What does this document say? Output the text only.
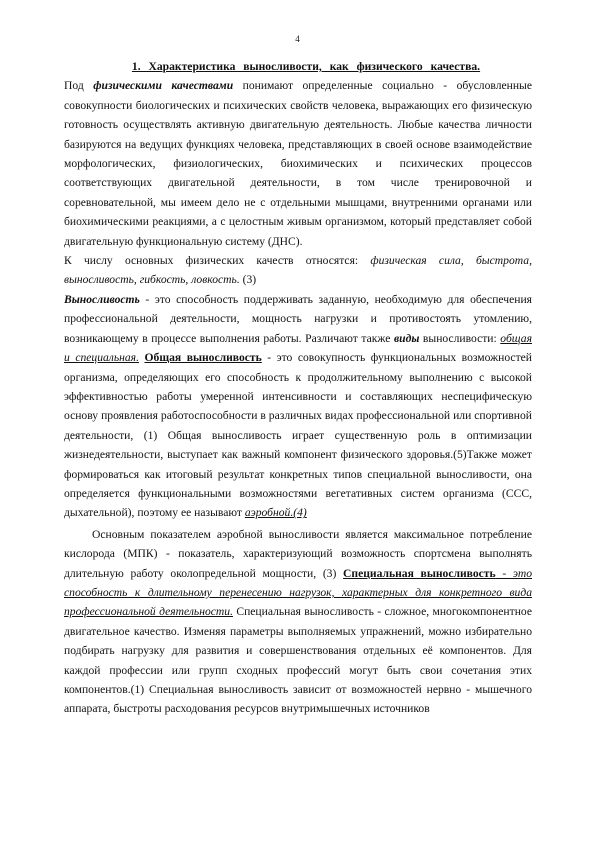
4
1. Характеристика выносливости, как физического качества.

Под физическими качествами понимают определенные социально - обусловленные совокупности биологических и психических свойств человека, выражающих его физическую готовность осуществлять активную двигательную деятельность. Любые качества личности базируются на ведущих функциях человека, представляющих в своей основе взаимодействие морфологических, физиологических, биохимических и психических процессов соответствующих двигательной деятельности, в том числе тренировочной и соревновательной, мы имеем дело не с отдельными мышцами, внутренними органами или биохимическими реакциями, а с целостным живым организмом, который представляет собой двигательную функциональную систему (ДНС).

К числу основных физических качеств относятся: физическая сила, быстрота, выносливость, гибкость, ловкость. (3)

Выносливость - это способность поддерживать заданную, необходимую для обеспечения профессиональной деятельности, мощность нагрузки и противостоять утомлению, возникающему в процессе выполнения работы. Различают также виды выносливости: общая и специальная. Общая выносливость - это совокупность функциональных возможностей организма, определяющих его способность к продолжительному выполнению с высокой эффективностью работы умеренной интенсивности и составляющих неспецифическую основу проявления работоспособности в различных видах профессиональной или спортивной деятельности, (1) Общая выносливость играет существенную роль в оптимизации жизнедеятельности, выступает как важный компонент физического здоровья.(5)Также может формироваться как итоговый результат конкретных типов специальной выносливости, она определяется функциональными возможностями вегетативных систем организма (ССС, дыхательной), поэтому ее называют аэробной.(4)

Основным показателем аэробной выносливости является максимальное потребление кислорода (МПК) - показатель, характеризующий возможность спортсмена выполнять длительную работу околопредельной мощности, (3) Специальная выносливость - это способность к длительному перенесению нагрузок, характерных для конкретного вида профессиональной деятельности. Специальная выносливость - сложное, многокомпонентное двигательное качество. Изменяя параметры выполняемых упражнений, можно избирательно подбирать нагрузку для развития и совершенствования отдельных её компонентов. Для каждой профессии или групп сходных профессий могут быть свои сочетания этих компонентов.(1) Специальная выносливость зависит от возможностей нервно - мышечного аппарата, быстроты расходования ресурсов внутримышечных источников
